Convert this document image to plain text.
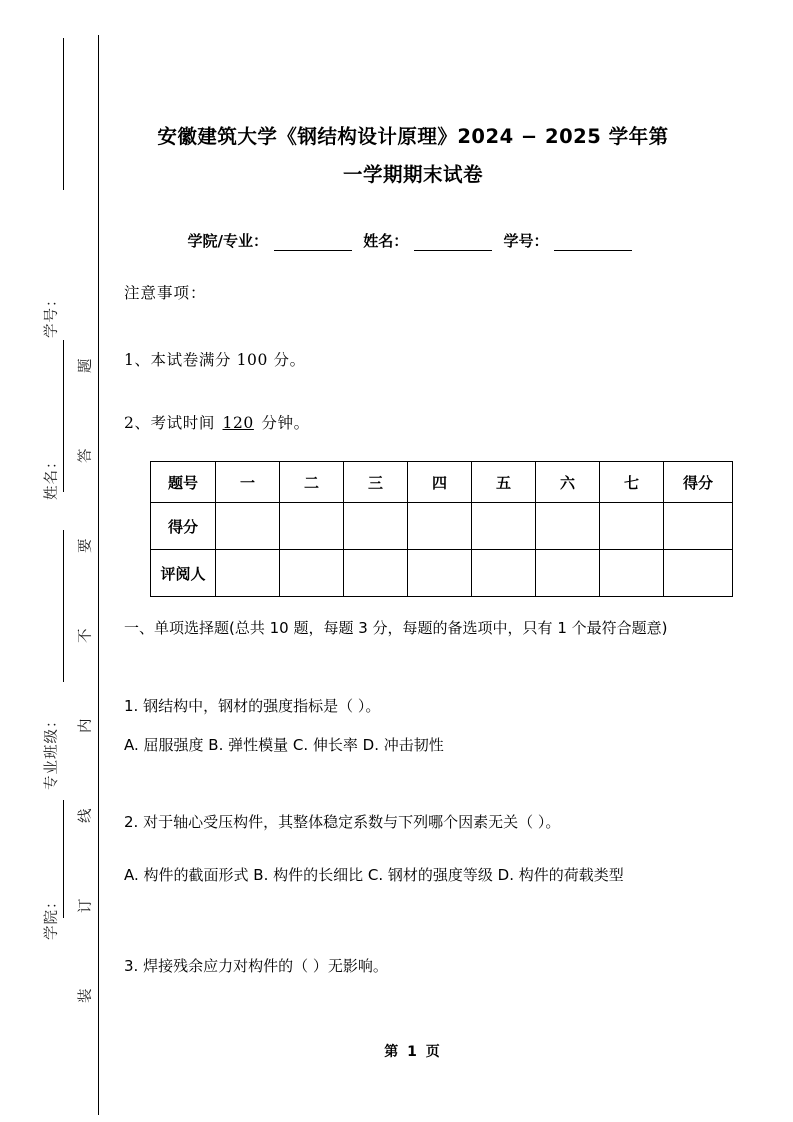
学号：
姓名：
专业班级：
学院：
题
答
要
不
内
线
订
装
安徽建筑大学《钢结构设计原理》2024 − 2025 学年第
一学期期末试卷
学院/专业：	姓名：	学号：
注意事项：
1、本试卷满分 100 分。
2、考试时间 120 分钟。
题号	一	二	三	四	五	六	七	得分
得分								
评阅人								
一、单项选择题(总共 10 题，每题 3 分，每题的备选项中，只有 1 个最符合题意)
1. 钢结构中，钢材的强度指标是（ ）。
A. 屈服强度 B. 弹性模量 C. 伸长率 D. 冲击韧性
2. 对于轴心受压构件，其整体稳定系数与下列哪个因素无关（ ）。
A. 构件的截面形式 B. 构件的长细比 C. 钢材的强度等级 D. 构件的荷载类型
3. 焊接残余应力对构件的（ ）无影响。
第 1 页
